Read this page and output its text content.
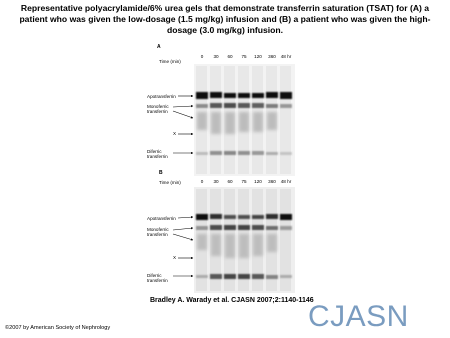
Representative polyacrylamide/6% urea gels that demonstrate transferrin saturation (TSAT) for (A) a patient who was given the low-dosage (1.5 mg/kg) infusion and (B) a patient who was given the high-dosage (3.0 mg/kg) infusion.
A
Time (min)
0 30 60 75 120 360 48 hr
Apotransferrin
Monoferric transferrin
X
Diferric transferrin
B
Time (min)	0 30 60 75 120 360 48 hr
Apotransferrin
Monoferric transferrin
X
Diferric transferrin
Bradley A. Warady et al. CJASN 2007;2:1140-1146
©2007 by American Society of Nephrology	CJASN
